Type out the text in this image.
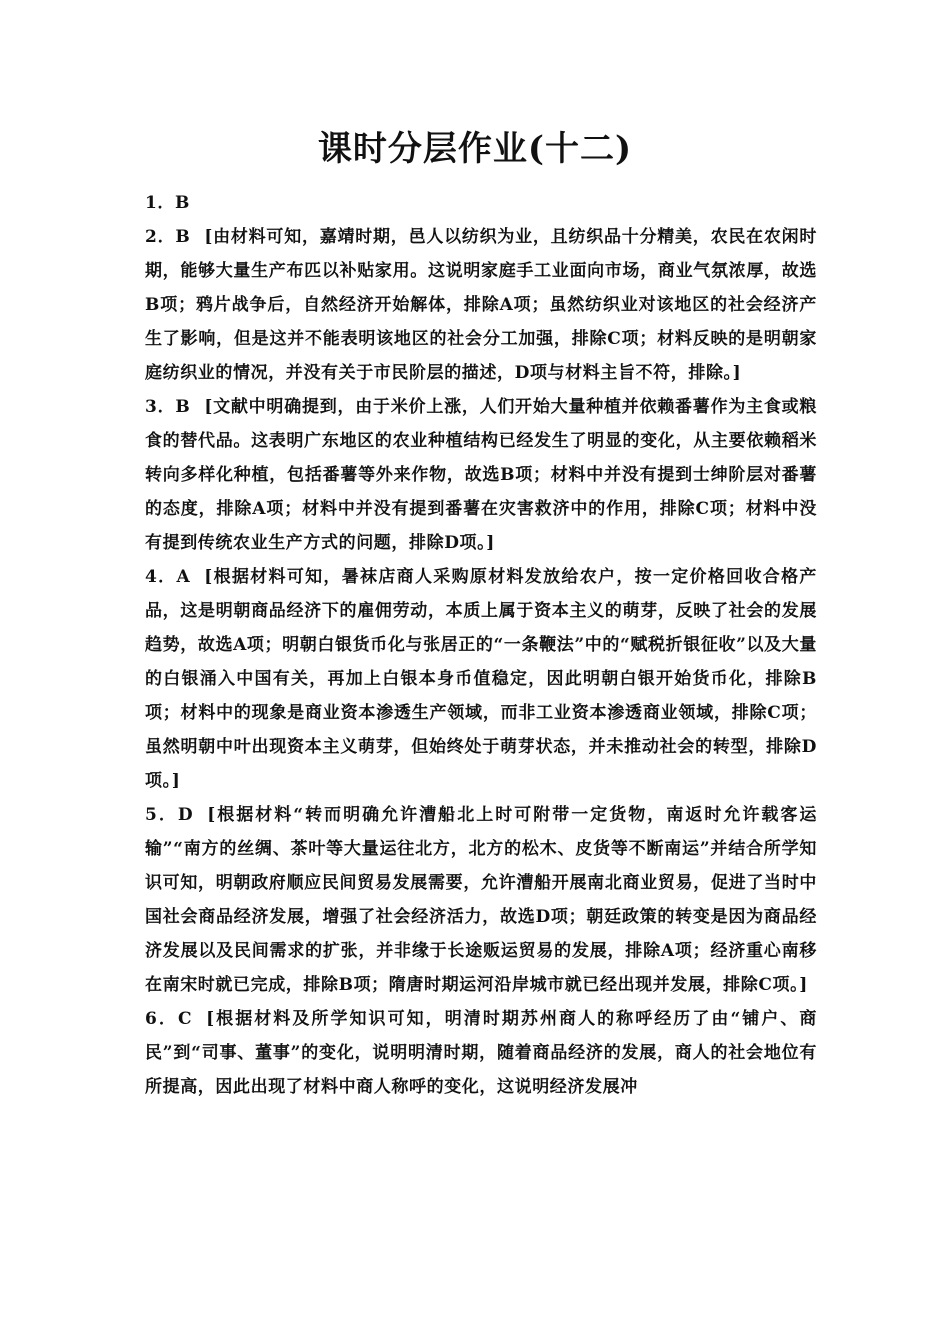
课时分层作业(十二)

1．B

2．B [由材料可知，嘉靖时期，邑人以纺织为业，且纺织品十分精美，农民在农闲时期，能够大量生产布匹以补贴家用。这说明家庭手工业面向市场，商业气氛浓厚，故选B项；鸦片战争后，自然经济开始解体，排除A项；虽然纺织业对该地区的社会经济产生了影响，但是这并不能表明该地区的社会分工加强，排除C项；材料反映的是明朝家庭纺织业的情况，并没有关于市民阶层的描述，D项与材料主旨不符，排除。]

3．B [文献中明确提到，由于米价上涨，人们开始大量种植并依赖番薯作为主食或粮食的替代品。这表明广东地区的农业种植结构已经发生了明显的变化，从主要依赖稻米转向多样化种植，包括番薯等外来作物，故选B项；材料中并没有提到士绅阶层对番薯的态度，排除A项；材料中并没有提到番薯在灾害救济中的作用，排除C项；材料中没有提到传统农业生产方式的问题，排除D项。]

4．A [根据材料可知，暑袜店商人采购原材料发放给农户，按一定价格回收合格产品，这是明朝商品经济下的雇佣劳动，本质上属于资本主义的萌芽，反映了社会的发展趋势，故选A项；明朝白银货币化与张居正的“一条鞭法”中的“赋税折银征收”以及大量的白银涌入中国有关，再加上白银本身币值稳定，因此明朝白银开始货币化，排除B项；材料中的现象是商业资本渗透生产领域，而非工业资本渗透商业领域，排除C项；虽然明朝中叶出现资本主义萌芽，但始终处于萌芽状态，并未推动社会的转型，排除D项。]

5．D [根据材料“转而明确允许漕船北上时可附带一定货物，南返时允许载客运输”“南方的丝绸、茶叶等大量运往北方，北方的松木、皮货等不断南运”并结合所学知识可知，明朝政府顺应民间贸易发展需要，允许漕船开展南北商业贸易，促进了当时中国社会商品经济发展，增强了社会经济活力，故选D项；朝廷政策的转变是因为商品经济发展以及民间需求的扩张，并非缘于长途贩运贸易的发展，排除A项；经济重心南移在南宋时就已完成，排除B项；隋唐时期运河沿岸城市就已经出现并发展，排除C项。]

6．C [根据材料及所学知识可知，明清时期苏州商人的称呼经历了由“铺户、商民”到“司事、董事”的变化，说明明清时期，随着商品经济的发展，商人的社会地位有所提高，因此出现了材料中商人称呼的变化，这说明经济发展冲
